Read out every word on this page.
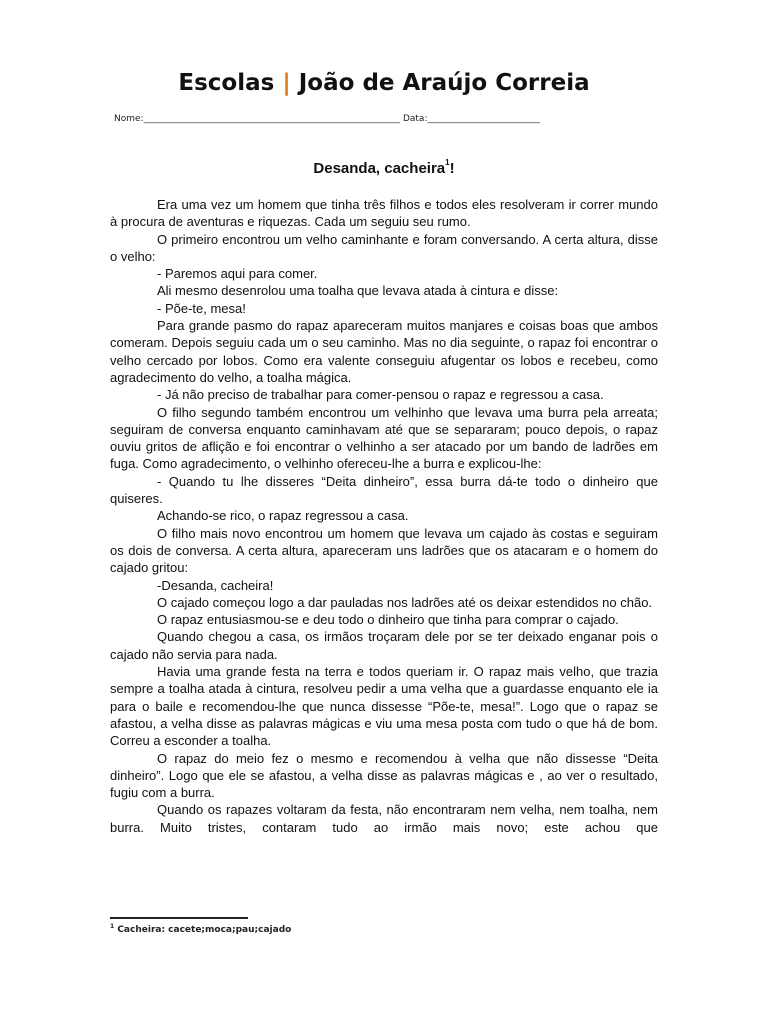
Escolas | João de Araújo Correia
Nome:_________________________________________________________ Data:_________________________
Desanda, cacheira$^1$!

Era uma vez um homem que tinha três filhos e todos eles resolveram ir correr mundo à procura de aventuras e riquezas. Cada um seguiu seu rumo.

O primeiro encontrou um velho caminhante e foram conversando. A certa altura, disse o velho:

- Paremos aqui para comer.

Ali mesmo desenrolou uma toalha que levava atada à cintura e disse:

- Põe-te, mesa!

Para grande pasmo do rapaz apareceram muitos manjares e coisas boas que ambos comeram. Depois seguiu cada um o seu caminho. Mas no dia seguinte, o rapaz foi encontrar o velho cercado por lobos. Como era valente conseguiu afugentar os lobos e recebeu, como agradecimento do velho, a toalha mágica.

- Já não preciso de trabalhar para comer-pensou o rapaz e regressou a casa.

O filho segundo também encontrou um velhinho que levava uma burra pela arreata; seguiram de conversa enquanto caminhavam até que se separaram; pouco depois, o rapaz ouviu gritos de aflição e foi encontrar o velhinho a ser atacado por um bando de ladrões em fuga. Como agradecimento, o velhinho ofereceu-lhe a burra e explicou-lhe:

- Quando tu lhe disseres “Deita dinheiro”, essa burra dá-te todo o dinheiro que quiseres.

Achando-se rico, o rapaz regressou a casa.

O filho mais novo encontrou um homem que levava um cajado às costas e seguiram os dois de conversa. A certa altura, apareceram uns ladrões que os atacaram e o homem do cajado gritou:

-Desanda, cacheira!

O cajado começou logo a dar pauladas nos ladrões até os deixar estendidos no chão.

O rapaz entusiasmou-se e deu todo o dinheiro que tinha para comprar o cajado.

Quando chegou a casa, os irmãos troçaram dele por se ter deixado enganar pois o cajado não servia para nada.

Havia uma grande festa na terra e todos queriam ir. O rapaz mais velho, que trazia sempre a toalha atada à cintura, resolveu pedir a uma velha que a guardasse enquanto ele ia para o baile e recomendou-lhe que nunca dissesse “Põe-te, mesa!”. Logo que o rapaz se afastou, a velha disse as palavras mágicas e viu uma mesa posta com tudo o que há de bom. Correu a esconder a toalha.

O rapaz do meio fez o mesmo e recomendou à velha que não dissesse “Deita dinheiro”. Logo que ele se afastou, a velha disse as palavras mágicas e , ao ver o resultado, fugiu com a burra.

Quando os rapazes voltaram da festa, não encontraram nem velha, nem toalha, nem burra. Muito tristes, contaram tudo ao irmão mais novo; este achou que

$^1$ Cacheira: cacete;moca;pau;cajado
